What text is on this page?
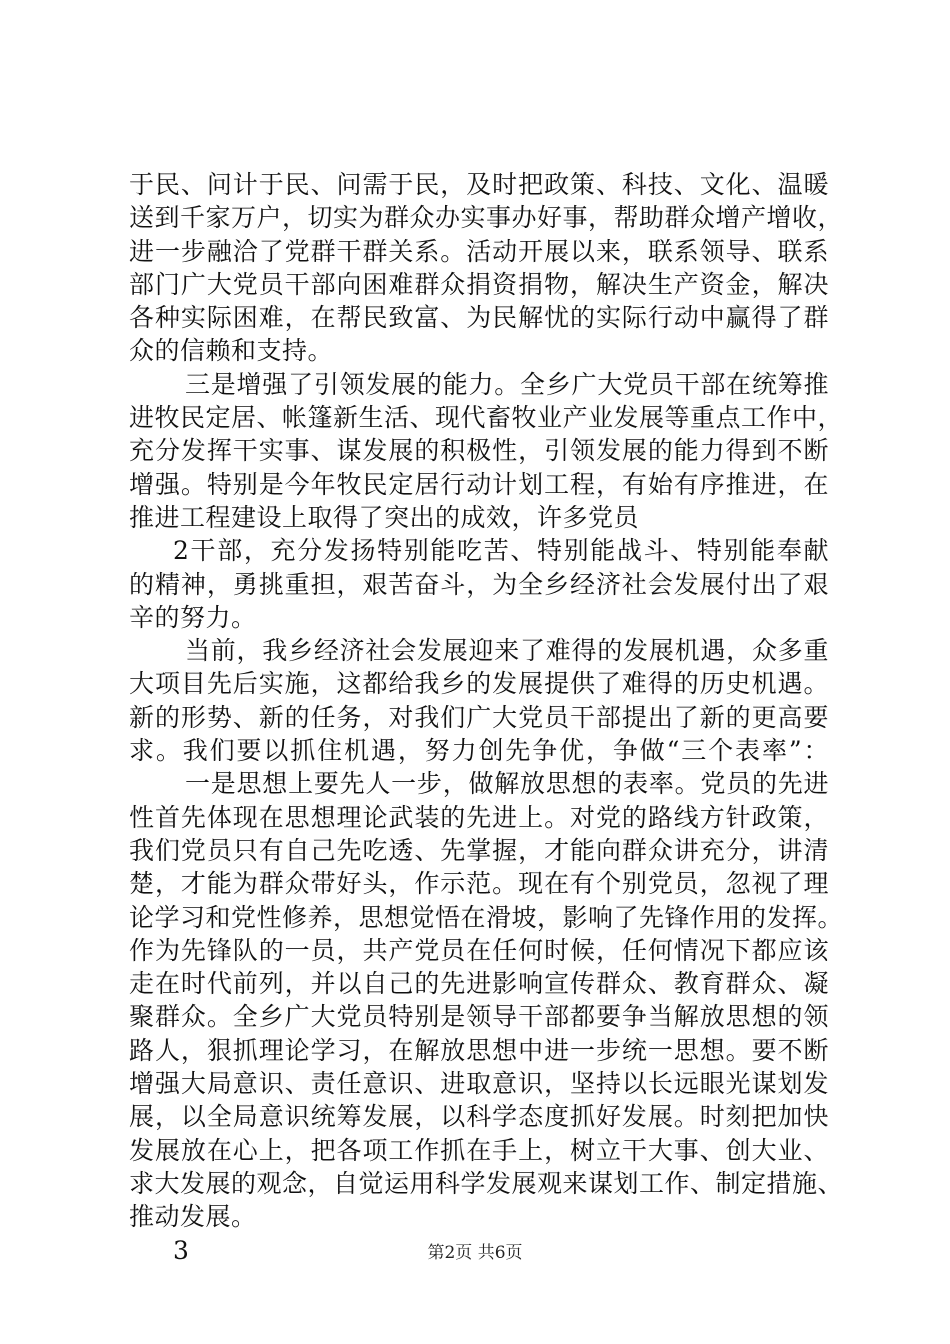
于民、问计于民、问需于民，及时把政策、科技、文化、温暖
送到千家万户，切实为群众办实事办好事，帮助群众增产增收，
进一步融洽了党群干群关系。活动开展以来，联系领导、联系
部门广大党员干部向困难群众捐资捐物，解决生产资金，解决
各种实际困难，在帮民致富、为民解忧的实际行动中赢得了群
众的信赖和支持。
三是增强了引领发展的能力。全乡广大党员干部在统筹推
进牧民定居、帐篷新生活、现代畜牧业产业发展等重点工作中，
充分发挥干实事、谋发展的积极性，引领发展的能力得到不断
增强。特别是今年牧民定居行动计划工程，有始有序推进，在
推进工程建设上取得了突出的成效，许多党员
2干部，充分发扬特别能吃苦、特别能战斗、特别能奉献
的精神，勇挑重担，艰苦奋斗，为全乡经济社会发展付出了艰
辛的努力。
当前，我乡经济社会发展迎来了难得的发展机遇，众多重
大项目先后实施，这都给我乡的发展提供了难得的历史机遇。
新的形势、新的任务，对我们广大党员干部提出了新的更高要
求。我们要以抓住机遇，努力创先争优，争做“三个表率”：
一是思想上要先人一步，做解放思想的表率。党员的先进
性首先体现在思想理论武装的先进上。对党的路线方针政策，
我们党员只有自己先吃透、先掌握，才能向群众讲充分，讲清
楚，才能为群众带好头，作示范。现在有个别党员，忽视了理
论学习和党性修养，思想觉悟在滑坡，影响了先锋作用的发挥。
作为先锋队的一员，共产党员在任何时候，任何情况下都应该
走在时代前列，并以自己的先进影响宣传群众、教育群众、凝
聚群众。全乡广大党员特别是领导干部都要争当解放思想的领
路人，狠抓理论学习，在解放思想中进一步统一思想。要不断
增强大局意识、责任意识、进取意识，坚持以长远眼光谋划发
展，以全局意识统筹发展，以科学态度抓好发展。时刻把加快
发展放在心上，把各项工作抓在手上，树立干大事、创大业、
求大发展的观念，自觉运用科学发展观来谋划工作、制定措施、
推动发展。
3	第2页 共6页
